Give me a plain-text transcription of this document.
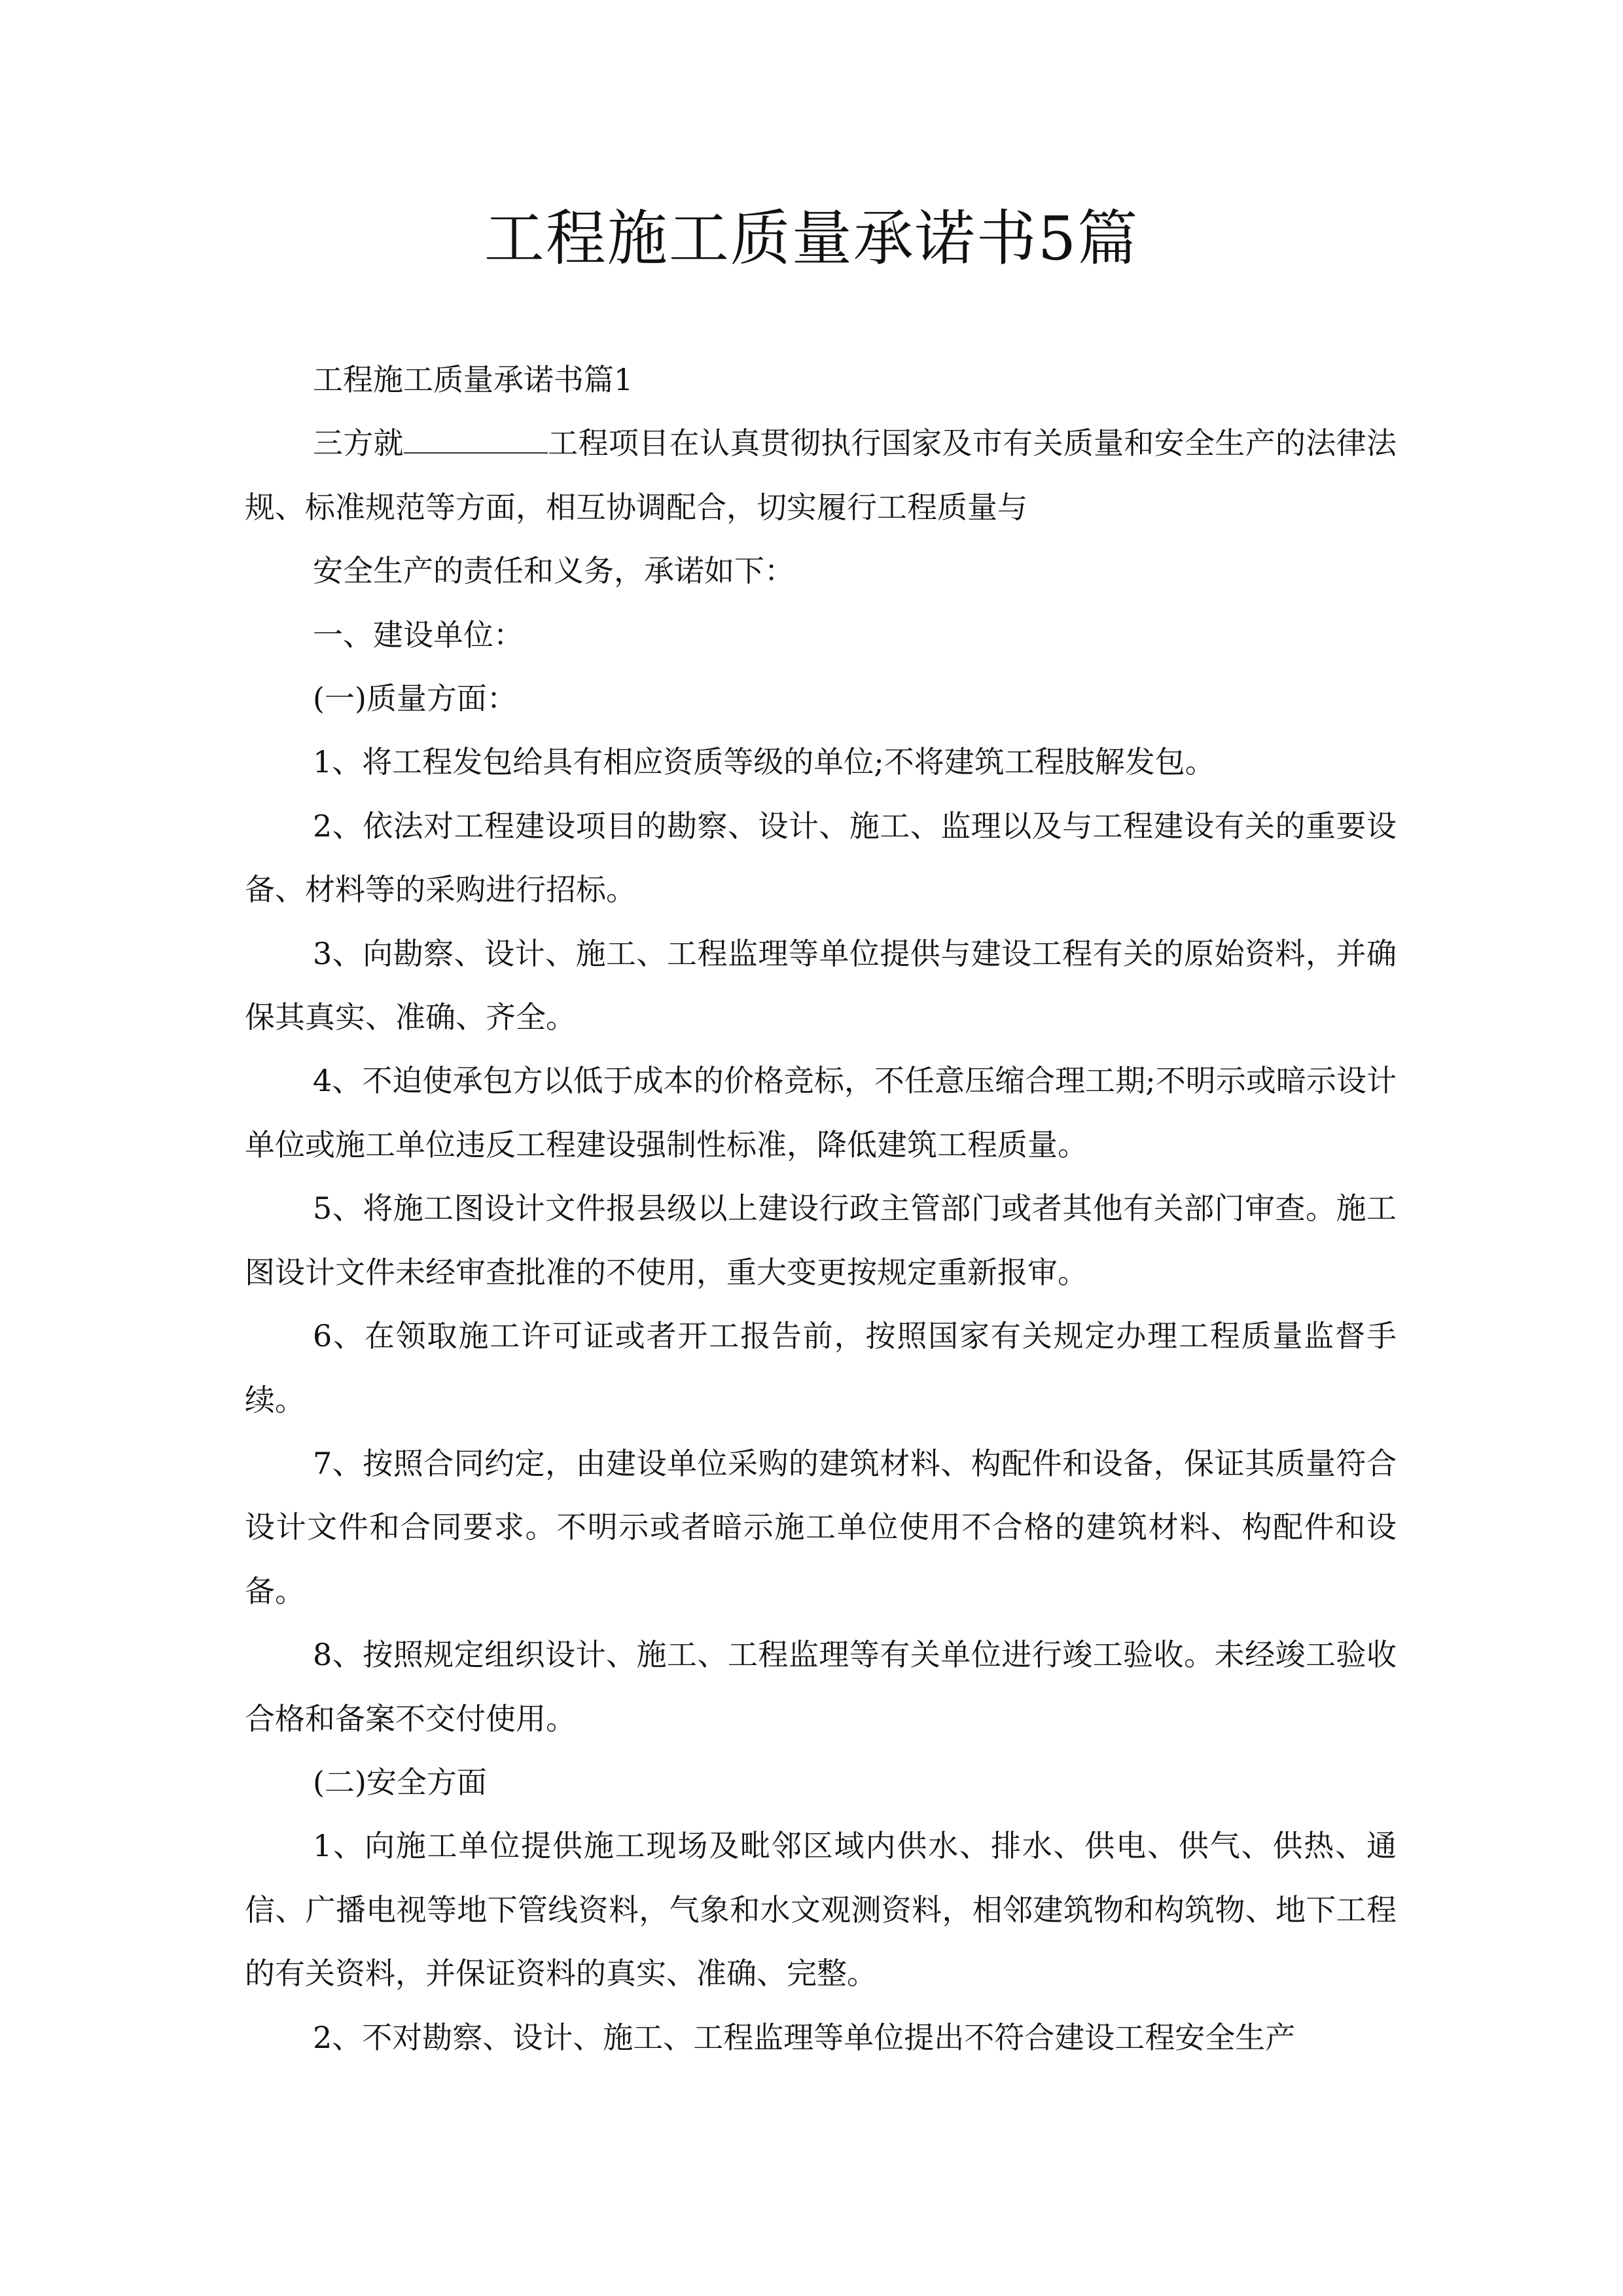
工程施工质量承诺书5篇

工程施工质量承诺书篇1

三方就	工程项目在认真贯彻执行国家及市有关质量和安全生产的法律法规、标准规范等方面，相互协调配合，切实履行工程质量与

安全生产的责任和义务，承诺如下：

一、建设单位：

(一)质量方面：

1、将工程发包给具有相应资质等级的单位;不将建筑工程肢解发包。

2、依法对工程建设项目的勘察、设计、施工、监理以及与工程建设有关的重要设备、材料等的采购进行招标。

3、向勘察、设计、施工、工程监理等单位提供与建设工程有关的原始资料，并确保其真实、准确、齐全。

4、不迫使承包方以低于成本的价格竞标，不任意压缩合理工期;不明示或暗示设计单位或施工单位违反工程建设强制性标准，降低建筑工程质量。

5、将施工图设计文件报县级以上建设行政主管部门或者其他有关部门审查。施工图设计文件未经审查批准的不使用，重大变更按规定重新报审。

6、在领取施工许可证或者开工报告前，按照国家有关规定办理工程质量监督手续。

7、按照合同约定，由建设单位采购的建筑材料、构配件和设备，保证其质量符合设计文件和合同要求。不明示或者暗示施工单位使用不合格的建筑材料、构配件和设备。

8、按照规定组织设计、施工、工程监理等有关单位进行竣工验收。未经竣工验收合格和备案不交付使用。

(二)安全方面

1、向施工单位提供施工现场及毗邻区域内供水、排水、供电、供气、供热、通信、广播电视等地下管线资料，气象和水文观测资料，相邻建筑物和构筑物、地下工程的有关资料，并保证资料的真实、准确、完整。

2、不对勘察、设计、施工、工程监理等单位提出不符合建设工程安全生产
